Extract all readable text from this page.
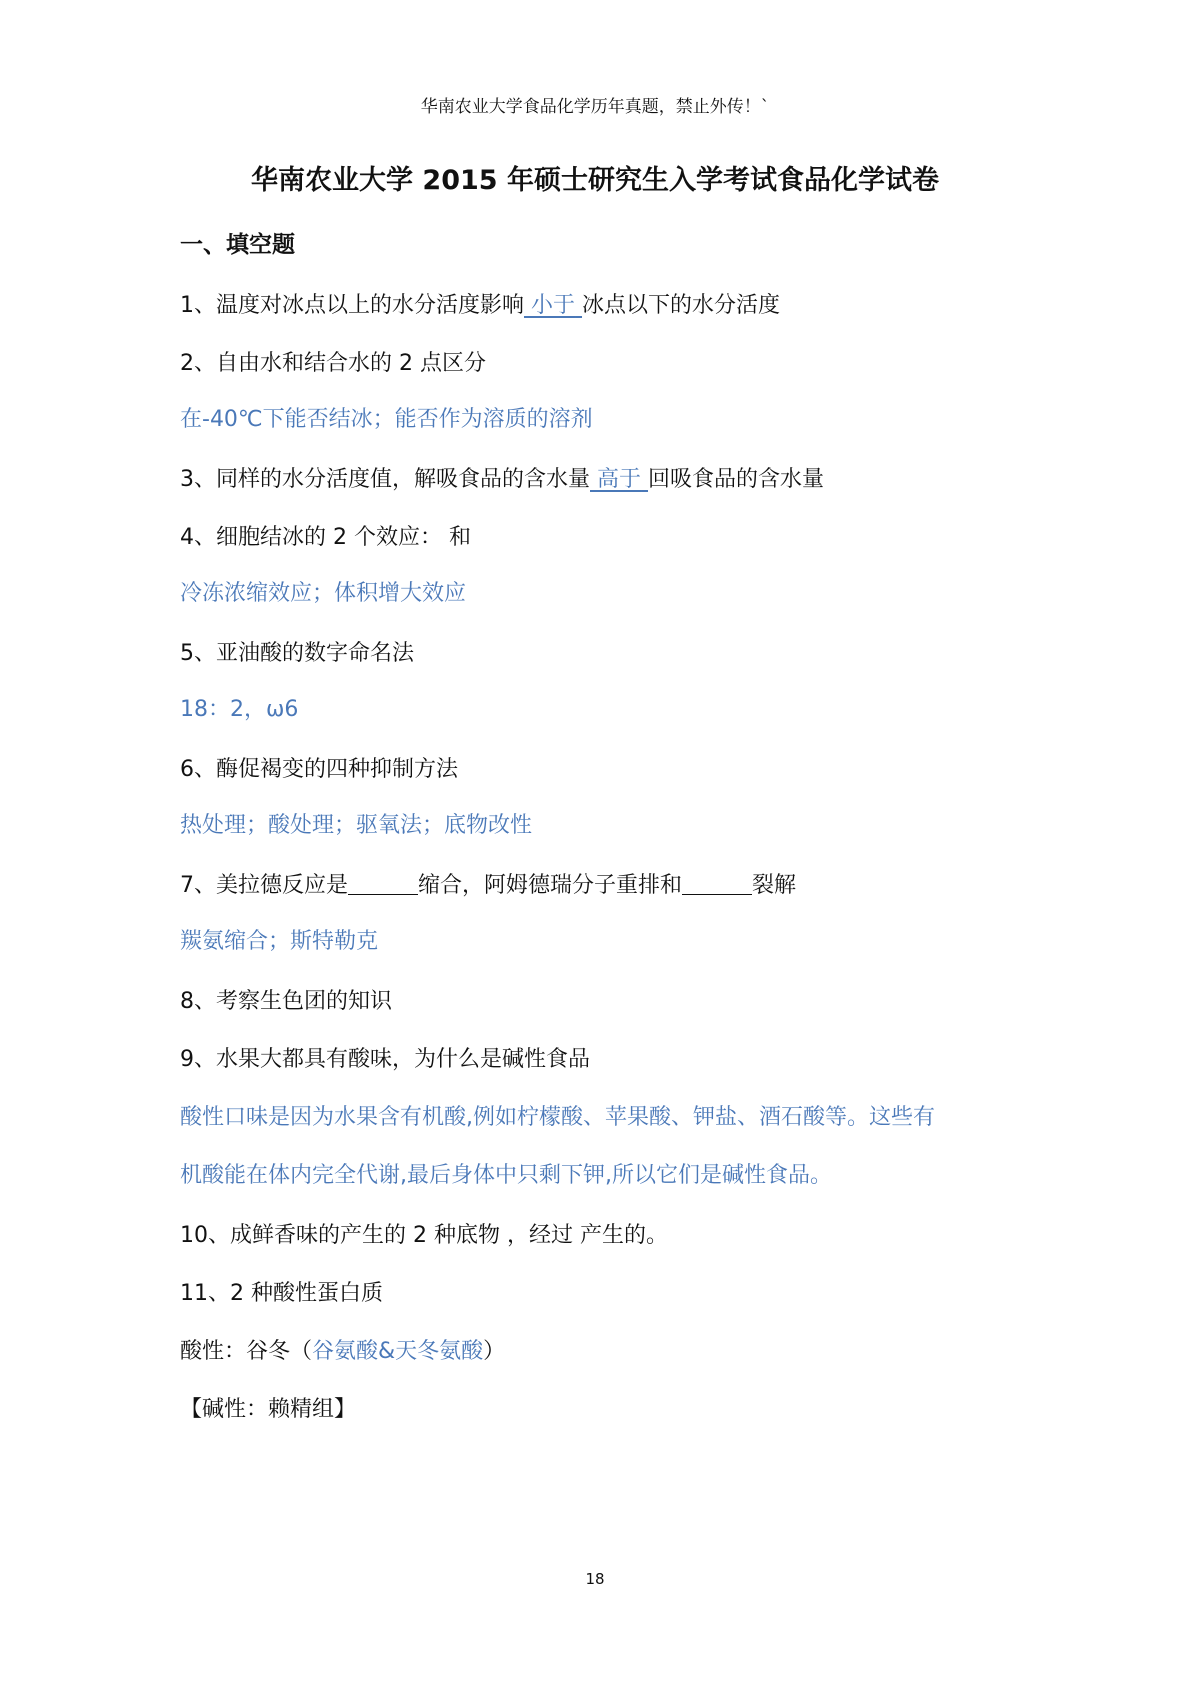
华南农业大学食品化学历年真题，禁止外传！`
华南农业大学 2015 年硕士研究生入学考试食品化学试卷
一、填空题
1、温度对冰点以上的水分活度影响 小于 冰点以下的水分活度
2、自由水和结合水的 2 点区分
在-40℃下能否结冰；能否作为溶质的溶剂
3、同样的水分活度值，解吸食品的含水量 高于 回吸食品的含水量
4、细胞结冰的 2 个效应： 和
冷冻浓缩效应；体积增大效应
5、亚油酸的数字命名法
18：2，ω6
6、酶促褐变的四种抑制方法
热处理；酸处理；驱氧法；底物改性
7、美拉德反应是	缩合，阿姆德瑞分子重排和	裂解
羰氨缩合；斯特勒克
8、考察生色团的知识
9、水果大都具有酸味，为什么是碱性食品
酸性口味是因为水果含有机酸,例如柠檬酸、苹果酸、钾盐、酒石酸等。这些有
机酸能在体内完全代谢,最后身体中只剩下钾,所以它们是碱性食品。
10、成鲜香味的产生的 2 种底物 ，经过 产生的。
11、2 种酸性蛋白质
酸性：谷冬（谷氨酸&天冬氨酸）
【碱性：赖精组】
18
